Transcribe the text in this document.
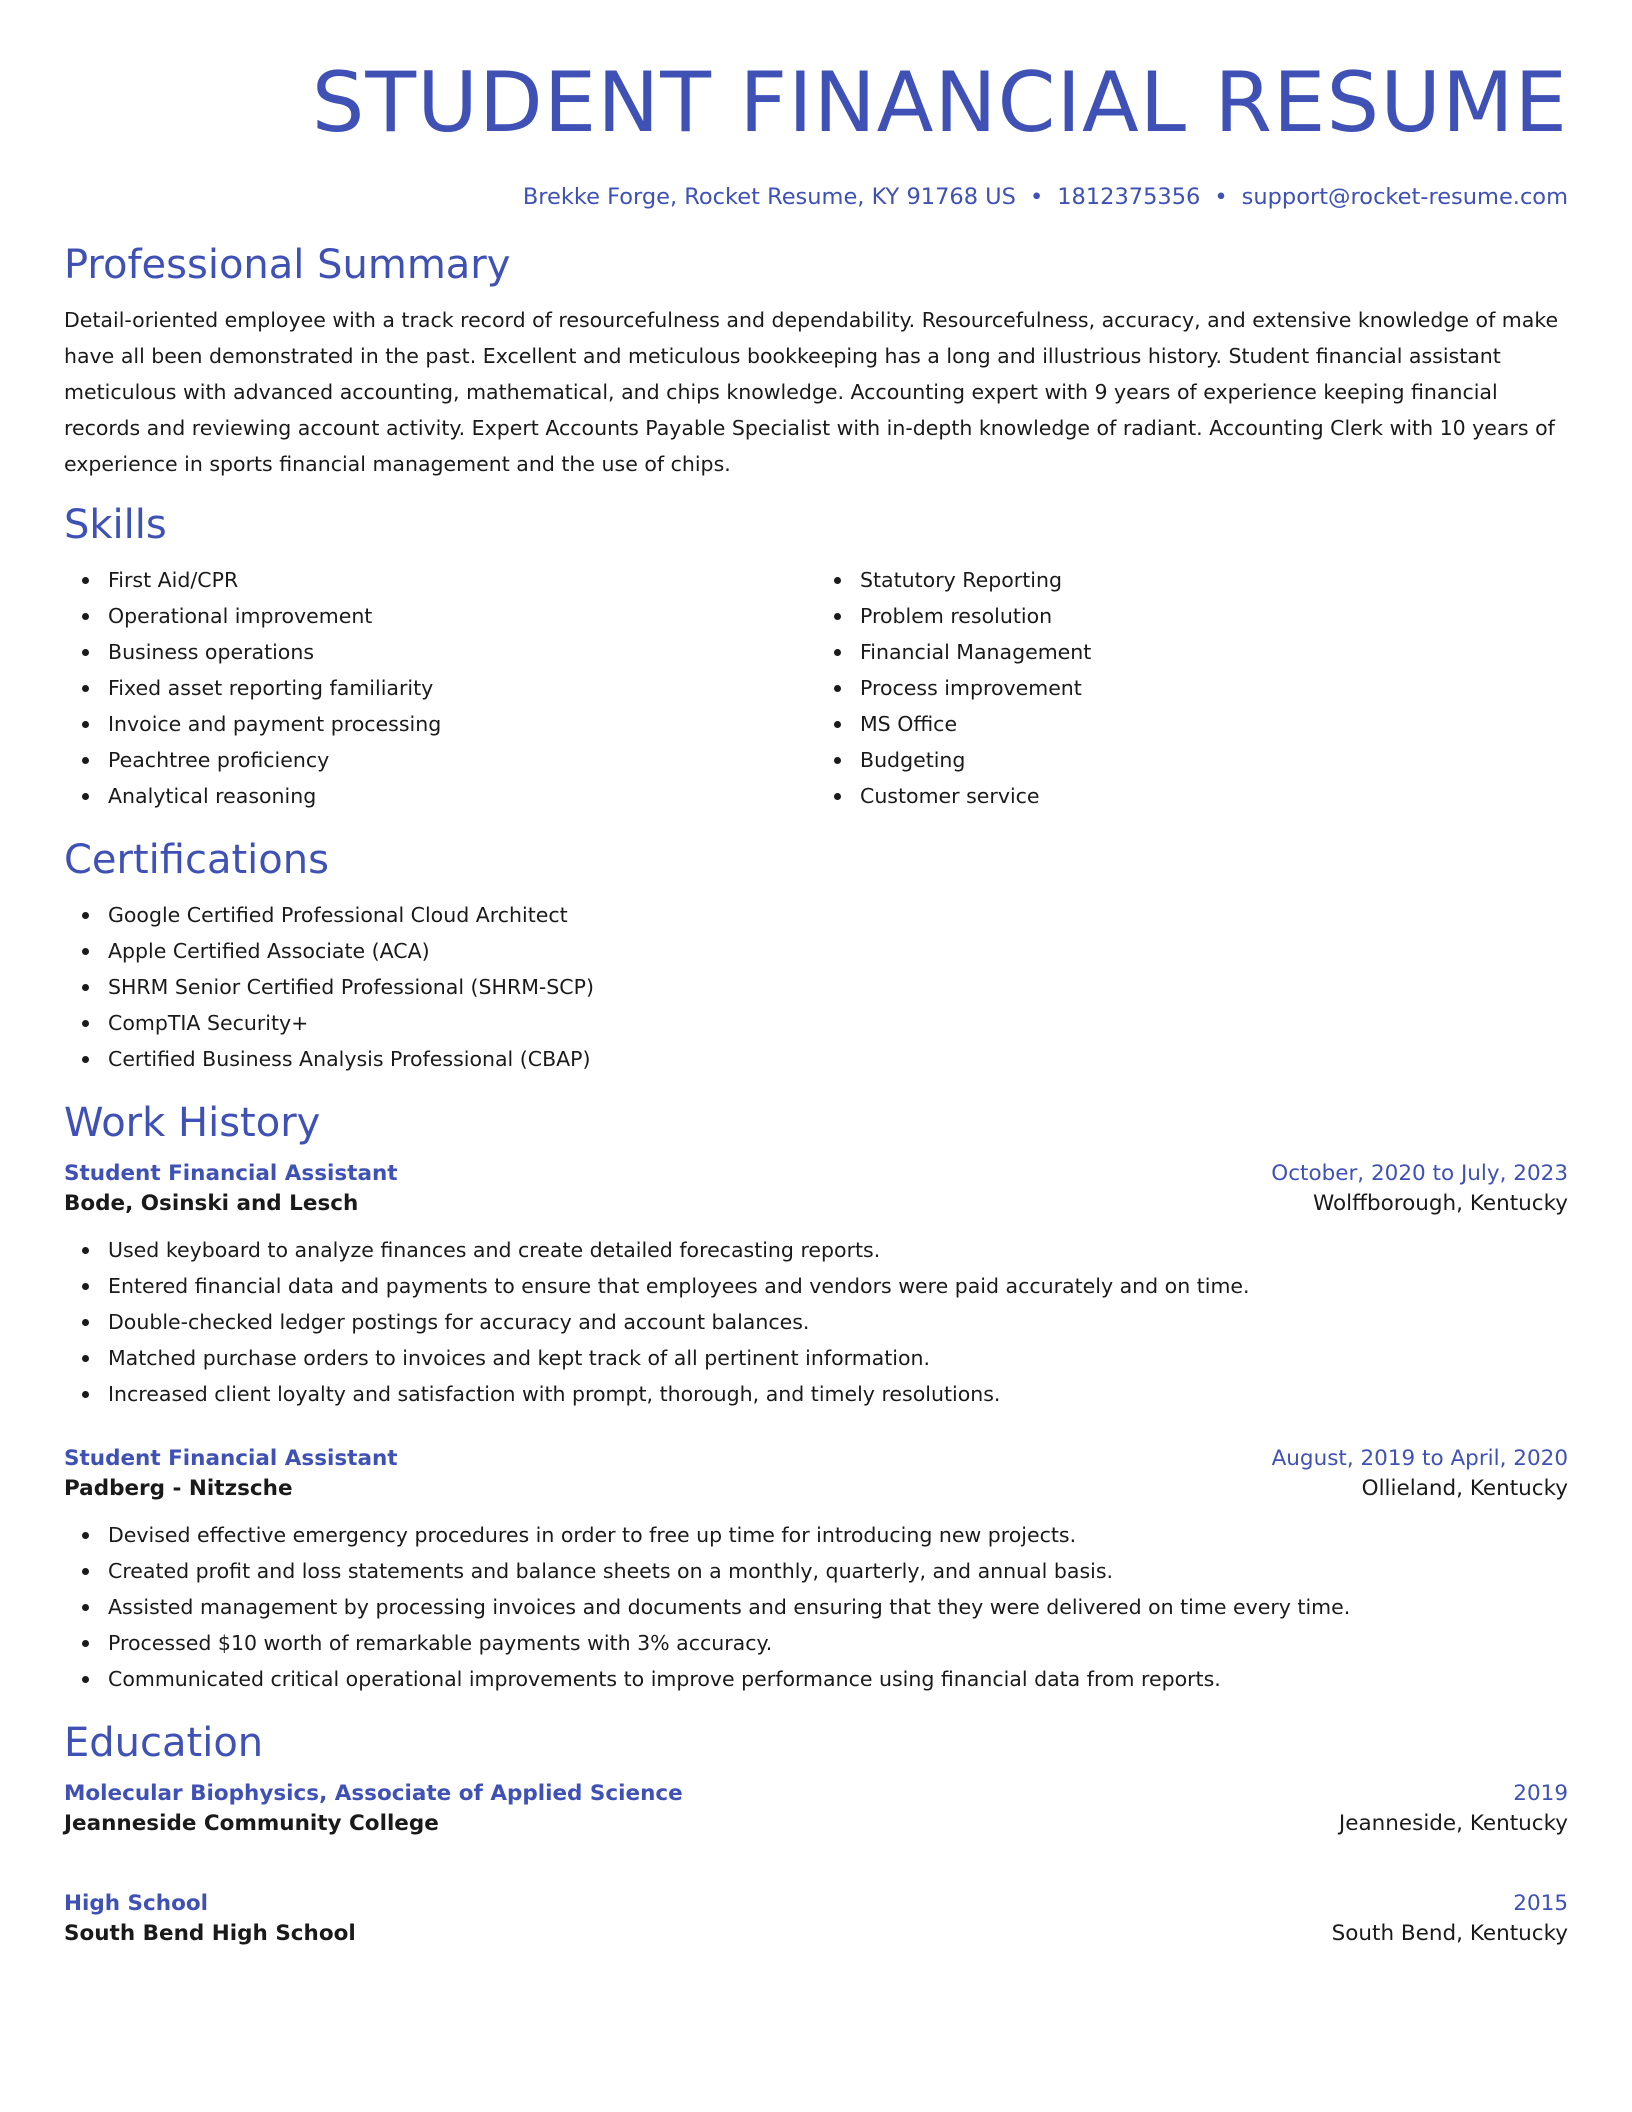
STUDENT FINANCIAL RESUME
Brekke Forge, Rocket Resume, KY 91768 US • 1812375356 • support@rocket-resume.com
Professional Summary

Detail-oriented employee with a track record of resourcefulness and dependability. Resourcefulness, accuracy, and extensive knowledge of make have all been demonstrated in the past. Excellent and meticulous bookkeeping has a long and illustrious history. Student financial assistant meticulous with advanced accounting, mathematical, and chips knowledge. Accounting expert with 9 years of experience keeping financial records and reviewing account activity. Expert Accounts Payable Specialist with in-depth knowledge of radiant. Accounting Clerk with 10 years of experience in sports financial management and the use of chips.

Skills
First Aid/CPR
Operational improvement
Business operations
Fixed asset reporting familiarity
Invoice and payment processing
Peachtree proficiency
Analytical reasoning
Statutory Reporting
Problem resolution
Financial Management
Process improvement
MS Office
Budgeting
Customer service
Certifications
Google Certified Professional Cloud Architect
Apple Certified Associate (ACA)
SHRM Senior Certified Professional (SHRM-SCP)
CompTIA Security+
Certified Business Analysis Professional (CBAP)
Work History
Student Financial Assistant	October, 2020 to July, 2023
Bode, Osinski and Lesch	Wolffborough, Kentucky
Used keyboard to analyze finances and create detailed forecasting reports.
Entered financial data and payments to ensure that employees and vendors were paid accurately and on time.
Double-checked ledger postings for accuracy and account balances.
Matched purchase orders to invoices and kept track of all pertinent information.
Increased client loyalty and satisfaction with prompt, thorough, and timely resolutions.
Student Financial Assistant	August, 2019 to April, 2020
Padberg - Nitzsche	Ollieland, Kentucky
Devised effective emergency procedures in order to free up time for introducing new projects.
Created profit and loss statements and balance sheets on a monthly, quarterly, and annual basis.
Assisted management by processing invoices and documents and ensuring that they were delivered on time every time.
Processed $10 worth of remarkable payments with 3% accuracy.
Communicated critical operational improvements to improve performance using financial data from reports.
Education
Molecular Biophysics, Associate of Applied Science	2019
Jeanneside Community College	Jeanneside, Kentucky
High School	2015
South Bend High School	South Bend, Kentucky
